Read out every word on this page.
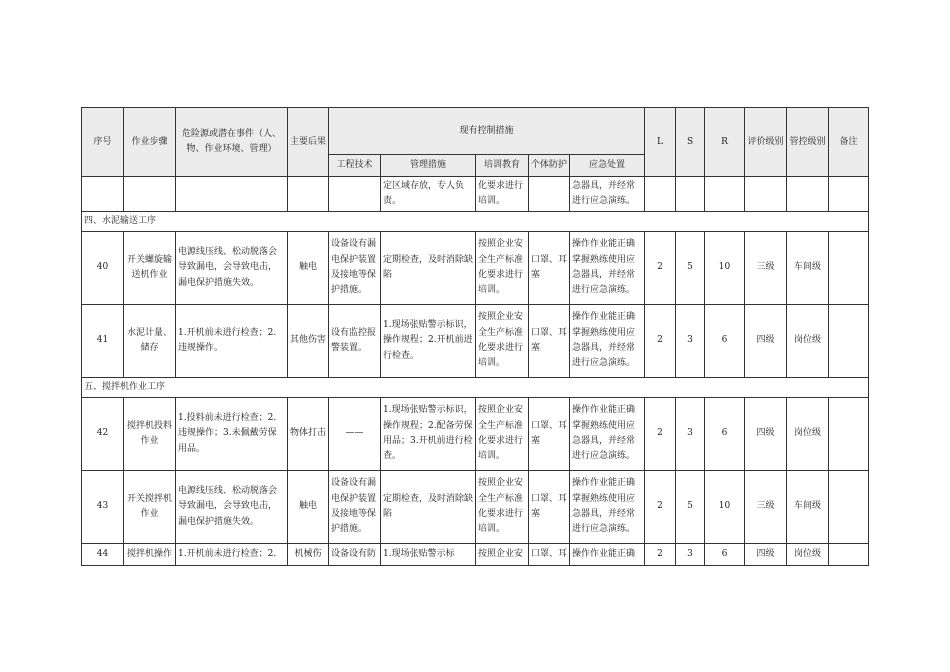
序号	作业步骤	危险源或潜在事件（人、物、作业环境、管理）	主要后果	现有控制措施					L	S	R	评价级别	管控级别	备注
				工程技术	管理措施	培训教育	个体防护	应急处置						
					定区域存放，专人负责。	化要求进行培训。		急器具，并经常进行应急演练。						
四、水泥输送工序														
40	开关螺旋输送机作业	电源线压线、松动脱落会导致漏电，会导致电击，漏电保护措施失效。	触电	设备设有漏电保护装置及接地等保护措施。	定期检查，及时消除缺陷	按照企业安全生产标准化要求进行培训。	口罩、耳塞	操作作业能正确掌握熟练使用应急器具，并经常进行应急演练。	2	5	10	三级	车间级	
41	水泥计量、储存	1.开机前未进行检查；2.违规操作。	其他伤害	设有监控报警装置。	1.现场张贴警示标识，操作规程；2.开机前进行检查。	按照企业安全生产标准化要求进行培训。	口罩、耳塞	操作作业能正确掌握熟练使用应急器具，并经常进行应急演练。	2	3	6	四级	岗位级	
五、搅拌机作业工序														
42	搅拌机投料作业	1.投料前未进行检查；2.违规操作；3.未佩戴劳保用品。	物体打击	——	1.现场张贴警示标识，操作规程；2.配备劳保用品；3.开机前进行检查。	按照企业安全生产标准化要求进行培训。	口罩、耳塞	操作作业能正确掌握熟练使用应急器具，并经常进行应急演练。	2	3	6	四级	岗位级	
43	开关搅拌机作业	电源线压线、松动脱落会导致漏电，会导致电击，漏电保护措施失效。	触电	设备设有漏电保护装置及接地等保护措施。	定期检查，及时消除缺陷	按照企业安全生产标准化要求进行培训。	口罩、耳塞	操作作业能正确掌握熟练使用应急器具，并经常进行应急演练。	2	5	10	三级	车间级	
44	搅拌机操作	1.开机前未进行检查；2.	机械伤	设备设有防	1.现场张贴警示标	按照企业安	口罩、耳	操作作业能正确	2	3	6	四级	岗位级	
